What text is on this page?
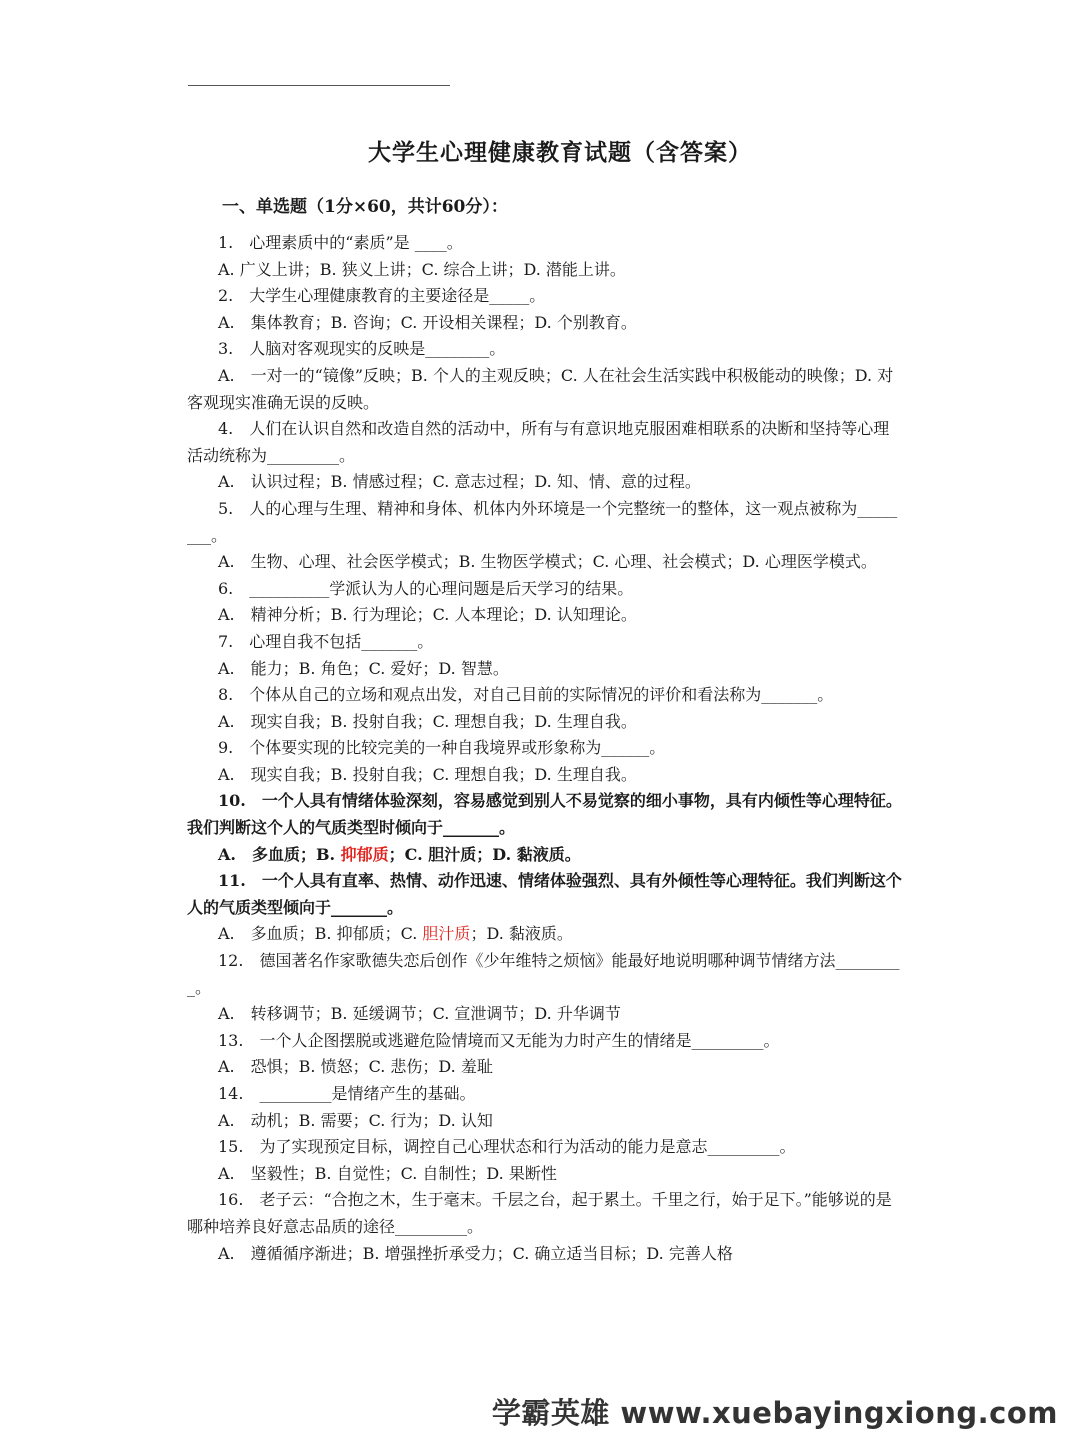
大学生心理健康教育试题（含答案）
一、单选题（1分×60，共计60分）：

1.　心理素质中的“素质”是 ____。

A. 广义上讲；B. 狭义上讲；C. 综合上讲；D. 潜能上讲。

2.　大学生心理健康教育的主要途径是_____。

A.　集体教育；B. 咨询；C. 开设相关课程；D. 个别教育。

3.　人脑对客观现实的反映是________。

A.　一对一的“镜像”反映；B. 个人的主观反映；C. 人在社会生活实践中积极能动的映像；D. 对客观现实准确无误的反映。

4.　人们在认识自然和改造自然的活动中，所有与有意识地克服困难相联系的决断和坚持等心理活动统称为_________。

A.　认识过程；B. 情感过程；C. 意志过程；D. 知、情、意的过程。

5.　人的心理与生理、精神和身体、机体内外环境是一个完整统一的整体，这一观点被称为________。

A.　生物、心理、社会医学模式；B. 生物医学模式；C. 心理、社会模式；D. 心理医学模式。

6.　__________学派认为人的心理问题是后天学习的结果。

A.　精神分析；B. 行为理论；C. 人本理论；D. 认知理论。

7.　心理自我不包括_______。

A.　能力；B. 角色；C. 爱好；D. 智慧。

8.　个体从自己的立场和观点出发，对自己目前的实际情况的评价和看法称为_______。

A.　现实自我；B. 投射自我；C. 理想自我；D. 生理自我。

9.　个体要实现的比较完美的一种自我境界或形象称为______。

A.　现实自我；B. 投射自我；C. 理想自我；D. 生理自我。

10.　一个人具有情绪体验深刻，容易感觉到别人不易觉察的细小事物，具有内倾性等心理特征。我们判断这个人的气质类型时倾向于_______。

A.　多血质；B. 抑郁质；C. 胆汁质；D. 黏液质。

11.　一个人具有直率、热情、动作迅速、情绪体验强烈、具有外倾性等心理特征。我们判断这个人的气质类型倾向于_______。

A.　多血质；B. 抑郁质；C. 胆汁质；D. 黏液质。

12.　德国著名作家歌德失恋后创作《少年维特之烦恼》能最好地说明哪种调节情绪方法_________。

A.　转移调节；B. 延缓调节；C. 宣泄调节；D. 升华调节

13.　一个人企图摆脱或逃避危险情境而又无能为力时产生的情绪是_________。

A.　恐惧；B. 愤怒；C. 悲伤；D. 羞耻

14.　_________是情绪产生的基础。

A.　动机；B. 需要；C. 行为；D. 认知

15.　为了实现预定目标，调控自己心理状态和行为活动的能力是意志_________。

A.　坚毅性；B. 自觉性；C. 自制性；D. 果断性

16.　老子云：“合抱之木，生于毫末。千层之台，起于累土。千里之行，始于足下。”能够说的是哪种培养良好意志品质的途径_________。

A.　遵循循序渐进；B. 增强挫折承受力；C. 确立适当目标；D. 完善人格

学霸英雄 www.xuebayingxiong.com
